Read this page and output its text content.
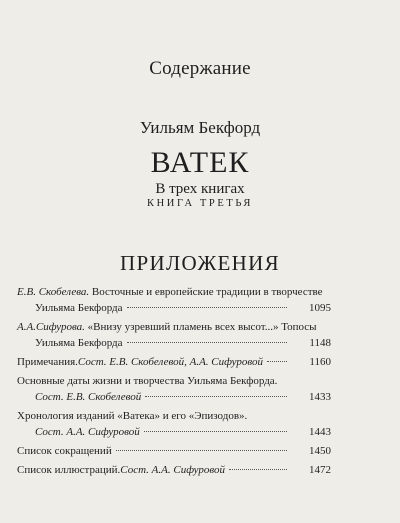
Содержание
Уильям Бекфорд
ВАТЕК
В трех книгах
КНИГА ТРЕТЬЯ
ПРИЛОЖЕНИЯ
Е.В. Скобелева. Восточные и европейские традиции в творчестве
Уильяма Бекфорда	1095
А.А.Сифурова. «Внизу узревший пламень всех высот...» Топосы
Уильяма Бекфорда	1148
Примечания. Сост. Е.В. Скобелевой, А.А. Сифуровой	1160
Основные даты жизни и творчества Уильяма Бекфорда.
Сост. Е.В. Скобелевой	1433
Хронология изданий «Ватека» и его «Эпизодов».
Сост. А.А. Сифуровой	1443
Список сокращений	1450
Список иллюстраций. Сост. А.А. Сифуровой	1472
